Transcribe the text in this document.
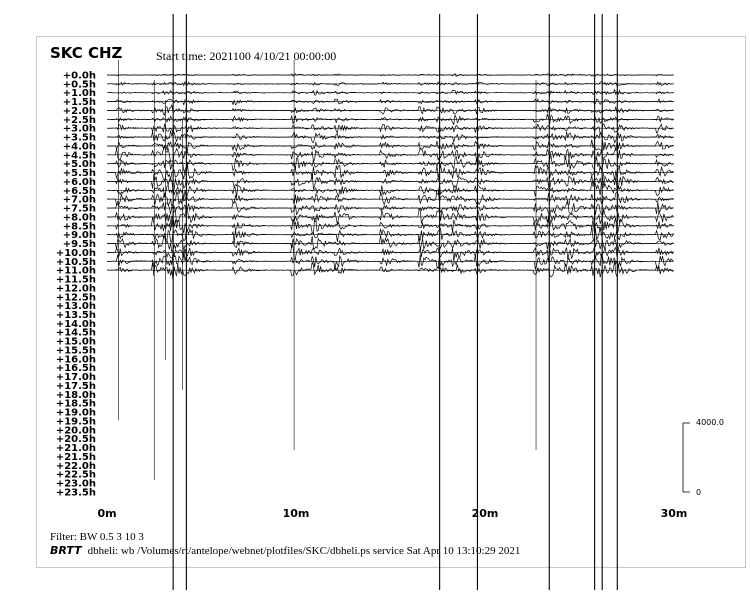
SKC CHZ	Start time: 2021100 4/10/21 00:00:00
+0.0h
+0.5h
+1.0h
+1.5h
+2.0h
+2.5h
+3.0h
+3.5h
+4.0h
+4.5h
+5.0h
+5.5h
+6.0h
+6.5h
+7.0h
+7.5h
+8.0h
+8.5h
+9.0h
+9.5h
+10.0h
+10.5h
+11.0h
+11.5h
+12.0h
+12.5h
+13.0h
+13.5h
+14.0h
+14.5h
+15.0h
+15.5h
+16.0h
+16.5h
+17.0h
+17.5h
+18.0h
+18.5h
+19.0h
+19.5h
+20.0h
+20.5h
+21.0h
+21.5h
+22.0h
+22.5h
+23.0h
+23.5h
0m	10m	20m	30m
4000.0
0
Filter: BW 0.5 3 10 3
BRTT dbheli: wb /Volumes/rt/antelope/webnet/plotfiles/SKC/dbheli.ps service Sat Apr 10 13:10:29 2021
